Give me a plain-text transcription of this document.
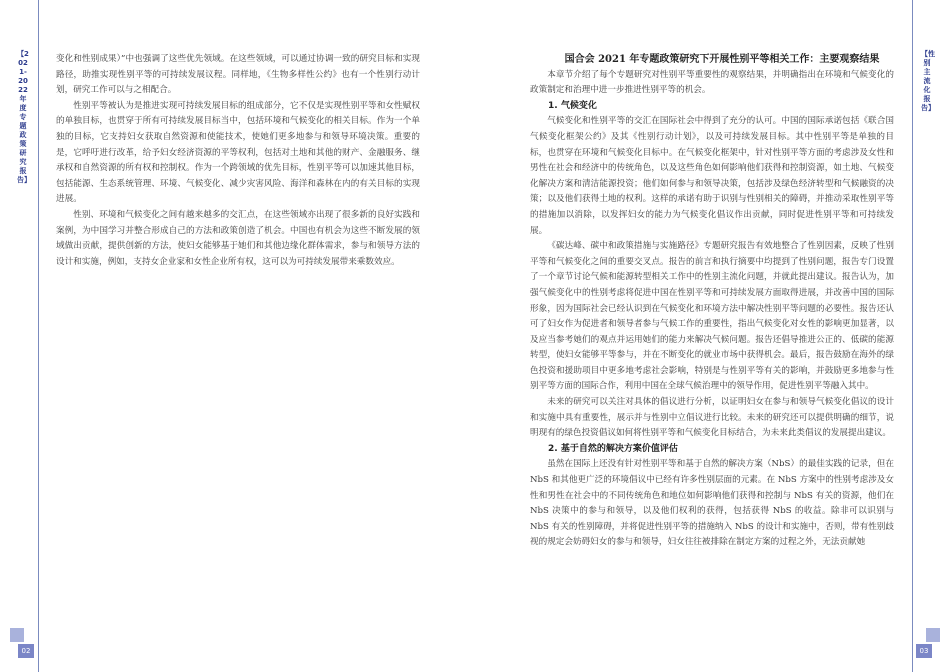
【2021-2022年度专题政策研究报告】
02

变化和性别成果）”中也强调了这些优先领域。在这些领域，可以通过协调一致的研究目标和实现路径，助推实现性别平等的可持续发展议程。同样地，《生物多样性公约》也有一个性别行动计划，研究工作可以与之相配合。

性别平等被认为是推进实现可持续发展目标的组成部分，它不仅是实现性别平等和女性赋权的单独目标，也贯穿于所有可持续发展目标当中，包括环境和气候变化的相关目标。作为一个单独的目标，它支持妇女获取自然资源和使能技术，使她们更多地参与和领导环境决策。重要的是，它呼吁进行改革，给予妇女经济资源的平等权利，包括对土地和其他的财产、金融服务、继承权和自然资源的所有权和控制权。作为一个跨领域的优先目标，性别平等可以加速其他目标，包括能源、生态系统管理、环境、气候变化、减少灾害风险、海洋和森林在内的有关目标的实现进展。

性别、环境和气候变化之间有越来越多的交汇点，在这些领域亦出现了很多新的良好实践和案例，为中国学习并整合形成自己的方法和政策创造了机会。中国也有机会为这些不断发展的领域做出贡献，提供创新的方法，使妇女能够基于她们和其他边缘化群体需求，参与和领导方法的设计和实施，例如，支持女企业家和女性企业所有权，这可以为可持续发展带来乘数效应。

国合会 2021 年专题政策研究下开展性别平等相关工作：主要观察结果

本章节介绍了每个专题研究对性别平等重要性的观察结果，并明确指出在环境和气候变化的政策制定和治理中进一步推进性别平等的机会。

1. 气候变化

气候变化和性别平等的交汇在国际社会中得到了充分的认可。中国的国际承诺包括《联合国气候变化框架公约》及其《性别行动计划》，以及可持续发展目标。其中性别平等是单独的目标，也贯穿在环境和气候变化目标中。在气候变化框架中，针对性别平等方面的考虑涉及女性和男性在社会和经济中的传统角色，以及这些角色如何影响他们获得和控制资源，如土地、气候变化解决方案和清洁能源投资；他们如何参与和领导决策，包括涉及绿色经济转型和气候融资的决策；以及他们获得土地的权利。这样的承诺有助于识别与性别相关的障碍，并推动采取性别平等的措施加以消除，以发挥妇女的能力为气候变化倡议作出贡献，同时促进性别平等和可持续发展。

《碳达峰、碳中和政策措施与实施路径》专题研究报告有效地整合了性别因素，反映了性别平等和气候变化之间的重要交叉点。报告的前言和执行摘要中均提到了性别问题，报告专门设置了一个章节讨论气候和能源转型相关工作中的性别主流化问题，并就此提出建议。报告认为，加强气候变化中的性别考虑将促进中国在性别平等和可持续发展方面取得进展，并改善中国的国际形象，因为国际社会已经认识到在气候变化和环境方法中解决性别平等问题的必要性。报告还认可了妇女作为促进者和领导者参与气候工作的重要性，指出气候变化对女性的影响更加显著，以及应当参考她们的观点并运用她们的能力来解决气候问题。报告还倡导推进公正的、低碳的能源转型，使妇女能够平等参与，并在不断变化的就业市场中获得机会。最后，报告鼓励在海外的绿色投资和援助项目中更多地考虑社会影响，特别是与性别平等有关的影响，并鼓励更多地参与性别平等方面的国际合作，利用中国在全球气候治理中的领导作用，促进性别平等融入其中。

未来的研究可以关注对具体的倡议进行分析，以证明妇女在参与和领导气候变化倡议的设计和实施中具有重要性，展示并与性别中立倡议进行比较。未来的研究还可以提供明确的细节，说明现有的绿色投资倡议如何将性别平等和气候变化目标结合，为未来此类倡议的发展提出建议。

2. 基于自然的解决方案价值评估

虽然在国际上还没有针对性别平等和基于自然的解决方案（NbS）的最佳实践的记录，但在 NbS 和其他更广泛的环境倡议中已经有许多性别层面的元素。在 NbS 方案中的性别考虑涉及女性和男性在社会中的不同传统角色和地位如何影响他们获得和控制与 NbS 有关的资源，他们在 NbS 决策中的参与和领导，以及他们权利的获得，包括获得 NbS 的收益。除非可以识别与 NbS 有关的性别障碍，并将促进性别平等的措施纳入 NbS 的设计和实施中，否则，带有性别歧视的规定会妨碍妇女的参与和领导，妇女往往被排除在制定方案的过程之外，无法贡献她

【性别主流化报告】
03
